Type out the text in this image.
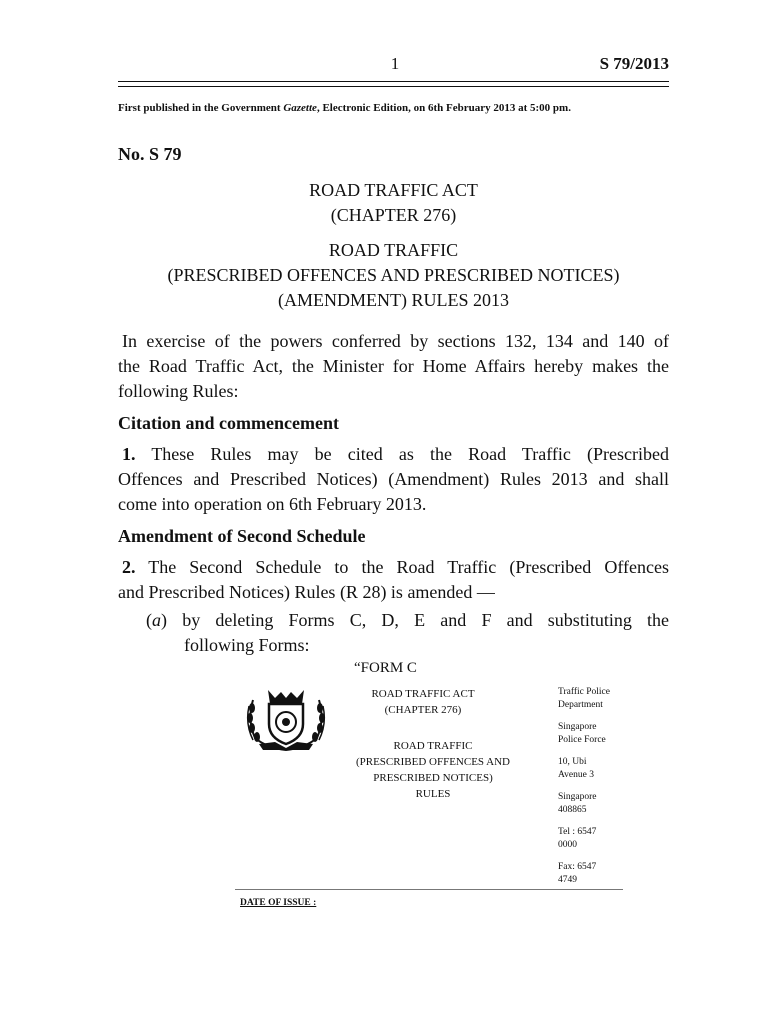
1	S 79/2013
First published in the Government Gazette, Electronic Edition, on 6th February 2013 at 5:00 pm.
No. S 79
ROAD TRAFFIC ACT
(CHAPTER 276)
ROAD TRAFFIC
(PRESCRIBED OFFENCES AND PRESCRIBED NOTICES)
(AMENDMENT) RULES 2013
In exercise of the powers conferred by sections 132, 134 and 140 of
the Road Traffic Act, the Minister for Home Affairs hereby makes the
following Rules:
Citation and commencement
1. These Rules may be cited as the Road Traffic (Prescribed
Offences and Prescribed Notices) (Amendment) Rules 2013 and shall
come into operation on 6th February 2013.
Amendment of Second Schedule
2. The Second Schedule to the Road Traffic (Prescribed Offences
and Prescribed Notices) Rules (R 28) is amended —
(a) by deleting Forms C, D, E and F and substituting the
following Forms:
“FORM C
ROAD TRAFFIC ACT
(CHAPTER 276)
ROAD TRAFFIC
(PRESCRIBED OFFENCES AND
PRESCRIBED NOTICES)
RULES
Traffic Police
Department
Singapore
Police Force
10, Ubi
Avenue 3
Singapore
408865
Tel : 6547
0000
Fax: 6547
4749
DATE OF ISSUE :
